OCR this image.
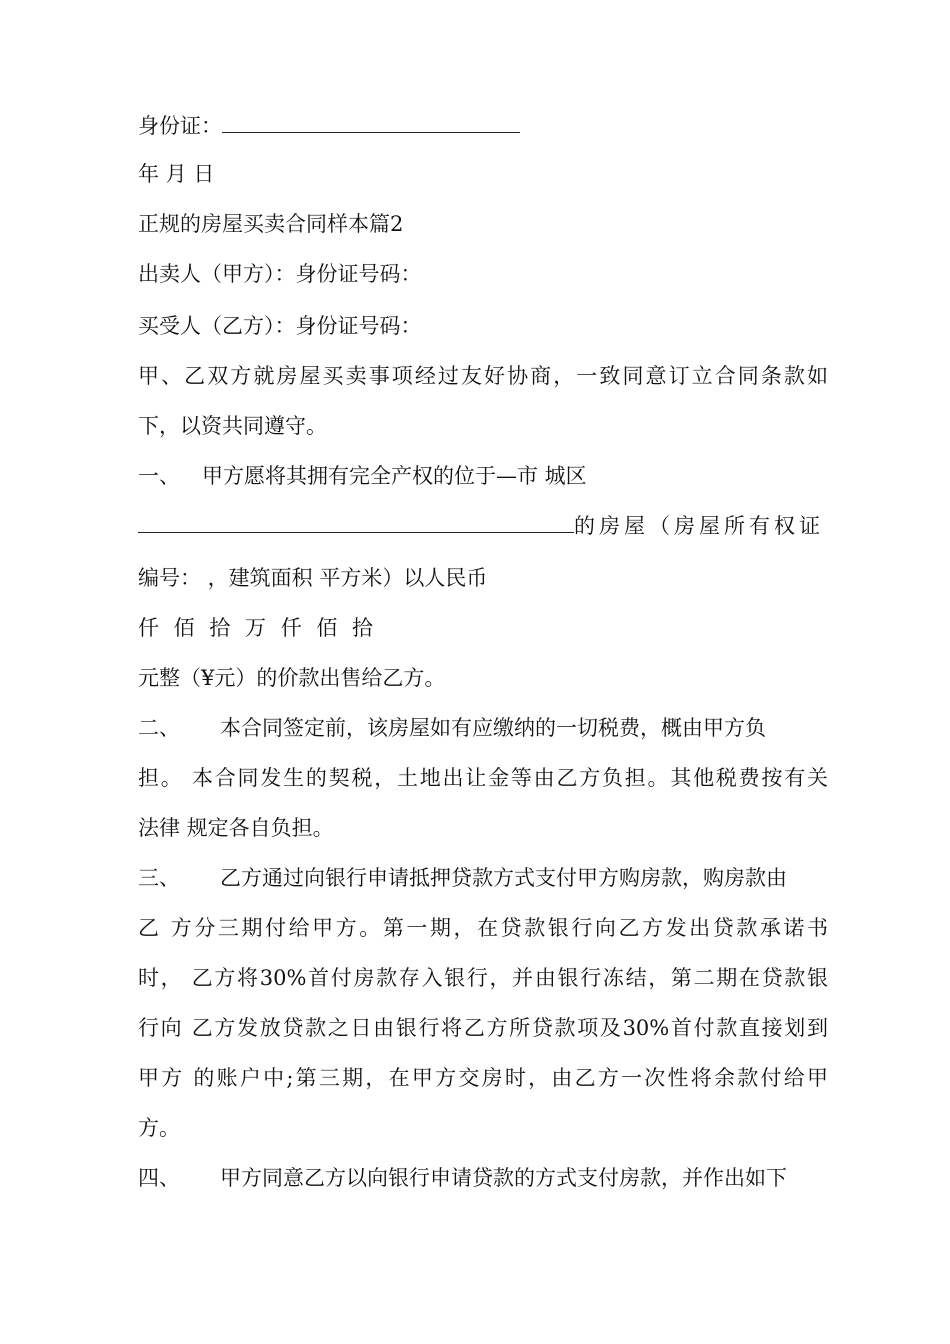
身份证：
年 月 日
正规的房屋买卖合同样本篇2
出卖人（甲方）：身份证号码：
买受人（乙方）：身份证号码：
甲、乙双方就房屋买卖事项经过友好协商，一致同意订立合同条款如
下，以资共同遵守。
一、 甲方愿将其拥有完全产权的位于—市 城区
的房屋（房屋所有权证
编号： ，建筑面积 平方米）以人民币
仟 佰 拾 万 仟 佰 拾
元整（¥元）的价款出售给乙方。
二、 本合同签定前，该房屋如有应缴纳的一切税费，概由甲方负
担。 本合同发生的契税，土地出让金等由乙方负担。其他税费按有关
法律 规定各自负担。
三、 乙方通过向银行申请抵押贷款方式支付甲方购房款，购房款由
乙 方分三期付给甲方。第一期，在贷款银行向乙方发出贷款承诺书
时， 乙方将30%首付房款存入银行，并由银行冻结，第二期在贷款银
行向 乙方发放贷款之日由银行将乙方所贷款项及30%首付款直接划到
甲方 的账户中;第三期，在甲方交房时，由乙方一次性将余款付给甲
方。
四、 甲方同意乙方以向银行申请贷款的方式支付房款，并作出如下
